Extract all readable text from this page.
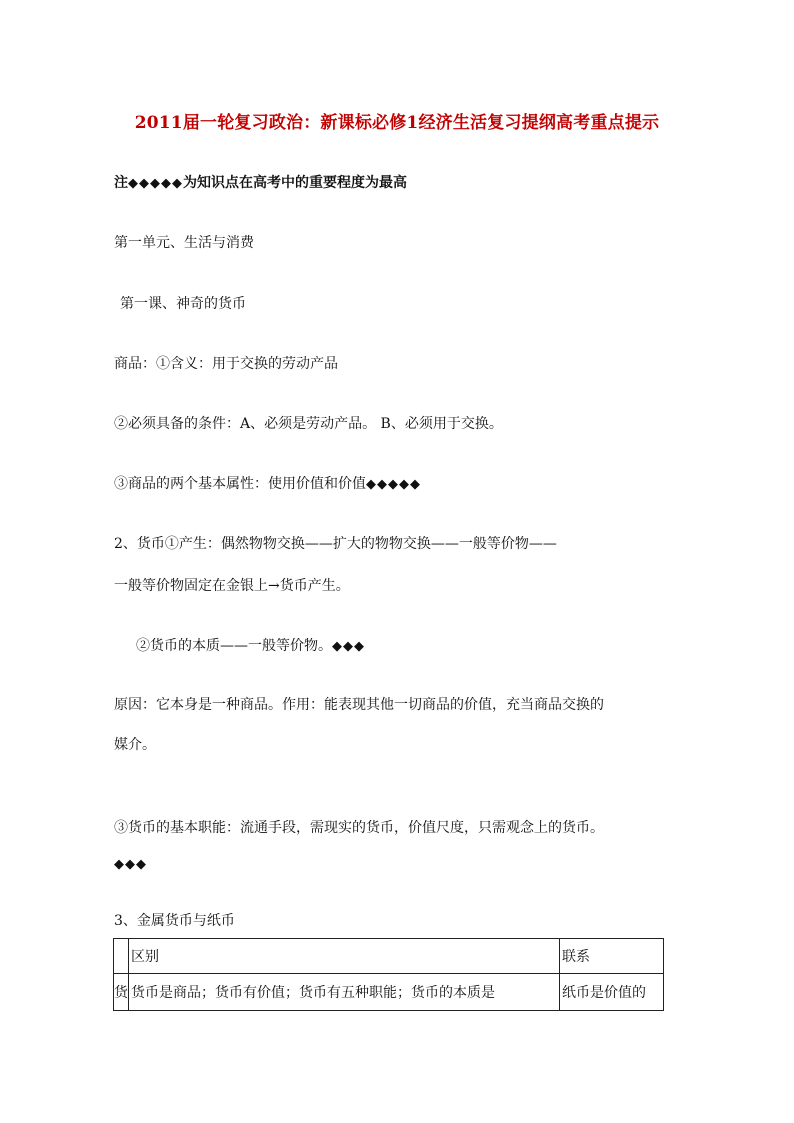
2011届一轮复习政治：新课标必修1经济生活复习提纲高考重点提示
注◆◆◆◆◆为知识点在高考中的重要程度为最高
第一单元、生活与消费
第一课、神奇的货币
商品：①含义：用于交换的劳动产品
②必须具备的条件：A、必须是劳动产品。 B、必须用于交换。
③商品的两个基本属性：使用价值和价值◆◆◆◆◆
2、货币①产生：偶然物物交换——扩大的物物交换——一般等价物——
一般等价物固定在金银上→货币产生。
②货币的本质——一般等价物。◆◆◆
原因：它本身是一种商品。作用：能表现其他一切商品的价值，充当商品交换的
媒介。
③货币的基本职能：流通手段，需现实的货币，价值尺度，只需观念上的货币。
◆◆◆
3、金属货币与纸币
	区别	联系
货	货币是商品；货币有价值；货币有五种职能；货币的本质是	纸币是价值的
